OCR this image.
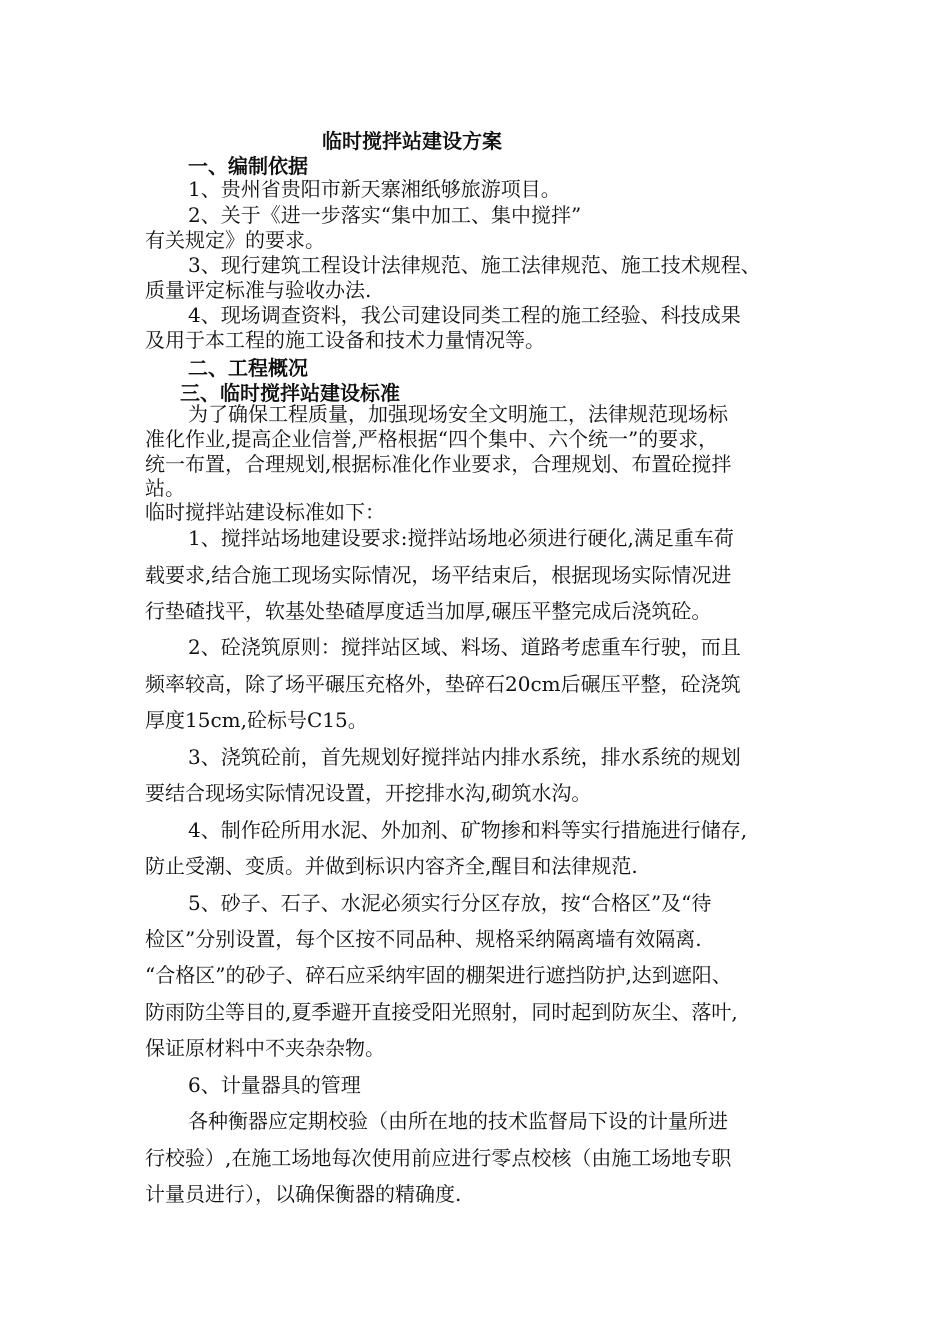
临时搅拌站建设方案
一、编制依据
1、贵州省贵阳市新天寨湘纸够旅游项目。
2、关于《进一步落实“集中加工、集中搅拌”
有关规定》的要求。
3、现行建筑工程设计法律规范、施工法律规范、施工技术规程、
质量评定标准与验收办法.
4、现场调查资料，我公司建设同类工程的施工经验、科技成果
及用于本工程的施工设备和技术力量情况等。
二、工程概况
三、临时搅拌站建设标准
为了确保工程质量，加强现场安全文明施工，法律规范现场标
准化作业,提高企业信誉,严格根据“四个集中、六个统一”的要求，
统一布置，合理规划,根据标准化作业要求，合理规划、布置砼搅拌
站。
临时搅拌站建设标准如下：
1、搅拌站场地建设要求:搅拌站场地必须进行硬化,满足重车荷
载要求,结合施工现场实际情况，场平结束后，根据现场实际情况进
行垫碴找平，软基处垫碴厚度适当加厚,碾压平整完成后浇筑砼。
2、砼浇筑原则：搅拌站区域、料场、道路考虑重车行驶，而且
频率较高，除了场平碾压充格外，垫碎石20cm后碾压平整，砼浇筑
厚度15cm,砼标号C15。
3、浇筑砼前，首先规划好搅拌站内排水系统，排水系统的规划
要结合现场实际情况设置，开挖排水沟,砌筑水沟。
4、制作砼所用水泥、外加剂、矿物掺和料等实行措施进行储存,
防止受潮、变质。并做到标识内容齐全,醒目和法律规范.
5、砂子、石子、水泥必须实行分区存放，按“合格区”及“待
检区”分别设置，每个区按不同品种、规格采纳隔离墙有效隔离.
“合格区”的砂子、碎石应采纳牢固的棚架进行遮挡防护,达到遮阳、
防雨防尘等目的,夏季避开直接受阳光照射，同时起到防灰尘、落叶,
保证原材料中不夹杂杂物。
6、计量器具的管理
各种衡器应定期校验（由所在地的技术监督局下设的计量所进
行校验）,在施工场地每次使用前应进行零点校核（由施工场地专职
计量员进行），以确保衡器的精确度.
